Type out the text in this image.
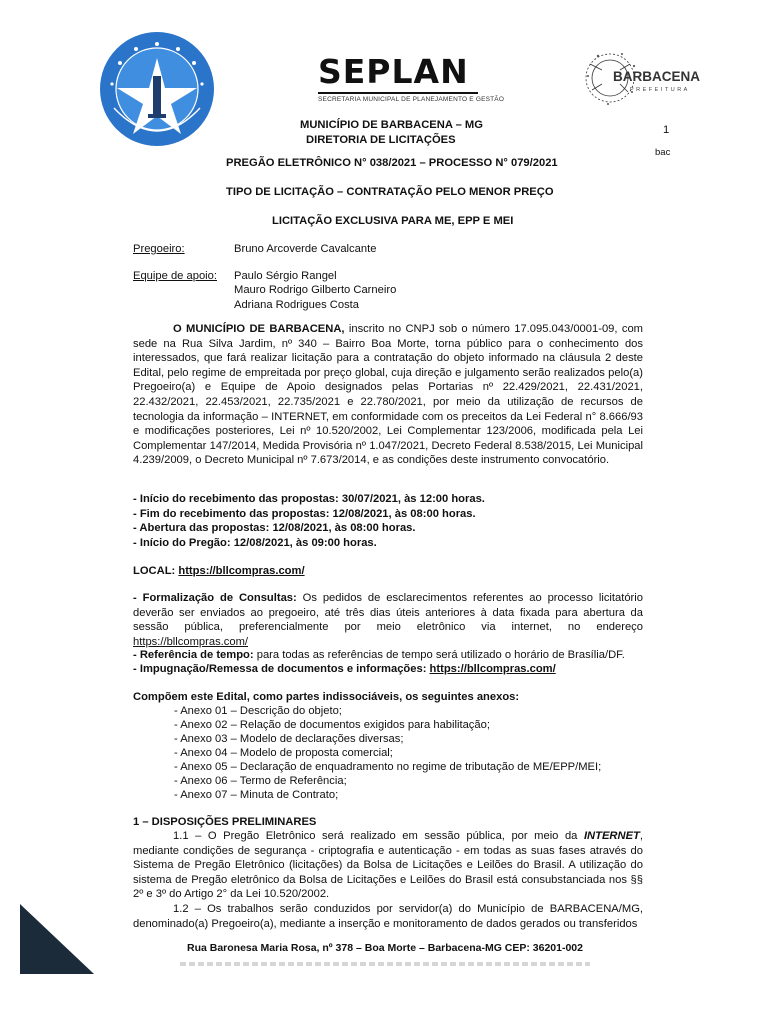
SEPLAN
SECRETARIA MUNICIPAL DE PLANEJAMENTO E GESTÃO
BARBACENA
PREFEITURA
MUNICÍPIO DE BARBACENA – MG
DIRETORIA DE LICITAÇÕES
1
bac
PREGÃO ELETRÔNICO N° 038/2021 – PROCESSO N° 079/2021
TIPO DE LICITAÇÃO – CONTRATAÇÃO PELO MENOR PREÇO
LICITAÇÃO EXCLUSIVA PARA ME, EPP E MEI
Pregoeiro:	Bruno Arcoverde Cavalcante
Equipe de apoio: Paulo Sérgio Rangel
Mauro Rodrigo Gilberto Carneiro
Adriana Rodrigues Costa
O MUNICÍPIO DE BARBACENA, inscrito no CNPJ sob o número 17.095.043/0001-09, com sede na Rua Silva Jardim, nº 340 – Bairro Boa Morte, torna público para o conhecimento dos interessados, que fará realizar licitação para a contratação do objeto informado na cláusula 2 deste Edital, pelo regime de empreitada por preço global, cuja direção e julgamento serão realizados pelo(a) Pregoeiro(a) e Equipe de Apoio designados pelas Portarias nº 22.429/2021, 22.431/2021, 22.432/2021, 22.453/2021, 22.735/2021 e 22.780/2021, por meio da utilização de recursos de tecnologia da informação – INTERNET, em conformidade com os preceitos da Lei Federal n° 8.666/93 e modificações posteriores, Lei nº 10.520/2002, Lei Complementar 123/2006, modificada pela Lei Complementar 147/2014, Medida Provisória nº 1.047/2021, Decreto Federal 8.538/2015, Lei Municipal 4.239/2009, o Decreto Municipal nº 7.673/2014, e as condições deste instrumento convocatório.
- Início do recebimento das propostas: 30/07/2021, às 12:00 horas.
- Fim do recebimento das propostas: 12/08/2021, às 08:00 horas.
- Abertura das propostas: 12/08/2021, às 08:00 horas.
- Início do Pregão: 12/08/2021, às 09:00 horas.
LOCAL: https://bllcompras.com/
- Formalização de Consultas: Os pedidos de esclarecimentos referentes ao processo licitatório deverão ser enviados ao pregoeiro, até três dias úteis anteriores à data fixada para abertura da sessão pública, preferencialmente por meio eletrônico via internet, no endereço https://bllcompras.com/
- Referência de tempo: para todas as referências de tempo será utilizado o horário de Brasília/DF.
- Impugnação/Remessa de documentos e informações: https://bllcompras.com/
Compõem este Edital, como partes indissociáveis, os seguintes anexos:
- Anexo 01 – Descrição do objeto;
- Anexo 02 – Relação de documentos exigidos para habilitação;
- Anexo 03 – Modelo de declarações diversas;
- Anexo 04 – Modelo de proposta comercial;
- Anexo 05 – Declaração de enquadramento no regime de tributação de ME/EPP/MEI;
- Anexo 06 – Termo de Referência;
- Anexo 07 – Minuta de Contrato;
1 – DISPOSIÇÕES PRELIMINARES
1.1 – O Pregão Eletrônico será realizado em sessão pública, por meio da INTERNET, mediante condições de segurança - criptografia e autenticação - em todas as suas fases através do Sistema de Pregão Eletrônico (licitações) da Bolsa de Licitações e Leilões do Brasil. A utilização do sistema de Pregão eletrônico da Bolsa de Licitações e Leilões do Brasil está consubstanciada nos §§ 2º e 3º do Artigo 2° da Lei 10.520/2002.
1.2 – Os trabalhos serão conduzidos por servidor(a) do Município de BARBACENA/MG, denominado(a) Pregoeiro(a), mediante a inserção e monitoramento de dados gerados ou transferidos
Rua Baronesa Maria Rosa, nº 378 – Boa Morte – Barbacena-MG CEP: 36201-002
